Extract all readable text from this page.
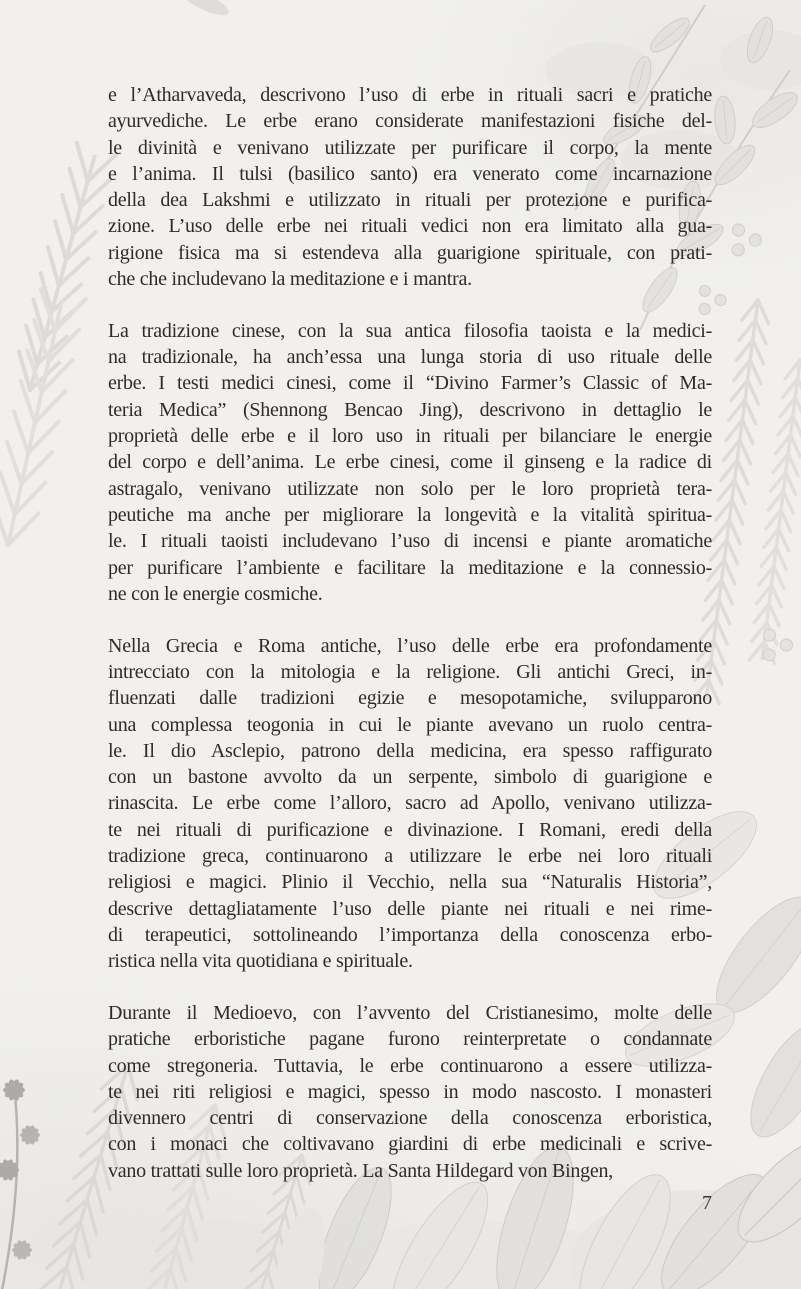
e l’Atharvaveda, descrivono l’uso di erbe in rituali sacri e pratiche
ayurvediche. Le erbe erano considerate manifestazioni fisiche del-
le divinità e venivano utilizzate per purificare il corpo, la mente
e l’anima. Il tulsi (basilico santo) era venerato come incarnazione
della dea Lakshmi e utilizzato in rituali per protezione e purifica-
zione. L’uso delle erbe nei rituali vedici non era limitato alla gua-
rigione fisica ma si estendeva alla guarigione spirituale, con prati-
che che includevano la meditazione e i mantra.

La tradizione cinese, con la sua antica filosofia taoista e la medici-
na tradizionale, ha anch’essa una lunga storia di uso rituale delle
erbe. I testi medici cinesi, come il “Divino Farmer’s Classic of Ma-
teria Medica” (Shennong Bencao Jing), descrivono in dettaglio le
proprietà delle erbe e il loro uso in rituali per bilanciare le energie
del corpo e dell’anima. Le erbe cinesi, come il ginseng e la radice di
astragalo, venivano utilizzate non solo per le loro proprietà tera-
peutiche ma anche per migliorare la longevità e la vitalità spiritua-
le. I rituali taoisti includevano l’uso di incensi e piante aromatiche
per purificare l’ambiente e facilitare la meditazione e la connessio-
ne con le energie cosmiche.

Nella Grecia e Roma antiche, l’uso delle erbe era profondamente
intrecciato con la mitologia e la religione. Gli antichi Greci, in-
fluenzati dalle tradizioni egizie e mesopotamiche, svilupparono
una complessa teogonia in cui le piante avevano un ruolo centra-
le. Il dio Asclepio, patrono della medicina, era spesso raffigurato
con un bastone avvolto da un serpente, simbolo di guarigione e
rinascita. Le erbe come l’alloro, sacro ad Apollo, venivano utilizza-
te nei rituali di purificazione e divinazione. I Romani, eredi della
tradizione greca, continuarono a utilizzare le erbe nei loro rituali
religiosi e magici. Plinio il Vecchio, nella sua “Naturalis Historia”,
descrive dettagliatamente l’uso delle piante nei rituali e nei rime-
di terapeutici, sottolineando l’importanza della conoscenza erbo-
ristica nella vita quotidiana e spirituale.

Durante il Medioevo, con l’avvento del Cristianesimo, molte delle
pratiche erboristiche pagane furono reinterpretate o condannate
come stregoneria. Tuttavia, le erbe continuarono a essere utilizza-
te nei riti religiosi e magici, spesso in modo nascosto. I monasteri
divennero centri di conservazione della conoscenza erboristica,
con i monaci che coltivavano giardini di erbe medicinali e scrive-
vano trattati sulle loro proprietà. La Santa Hildegard von Bingen,

7
